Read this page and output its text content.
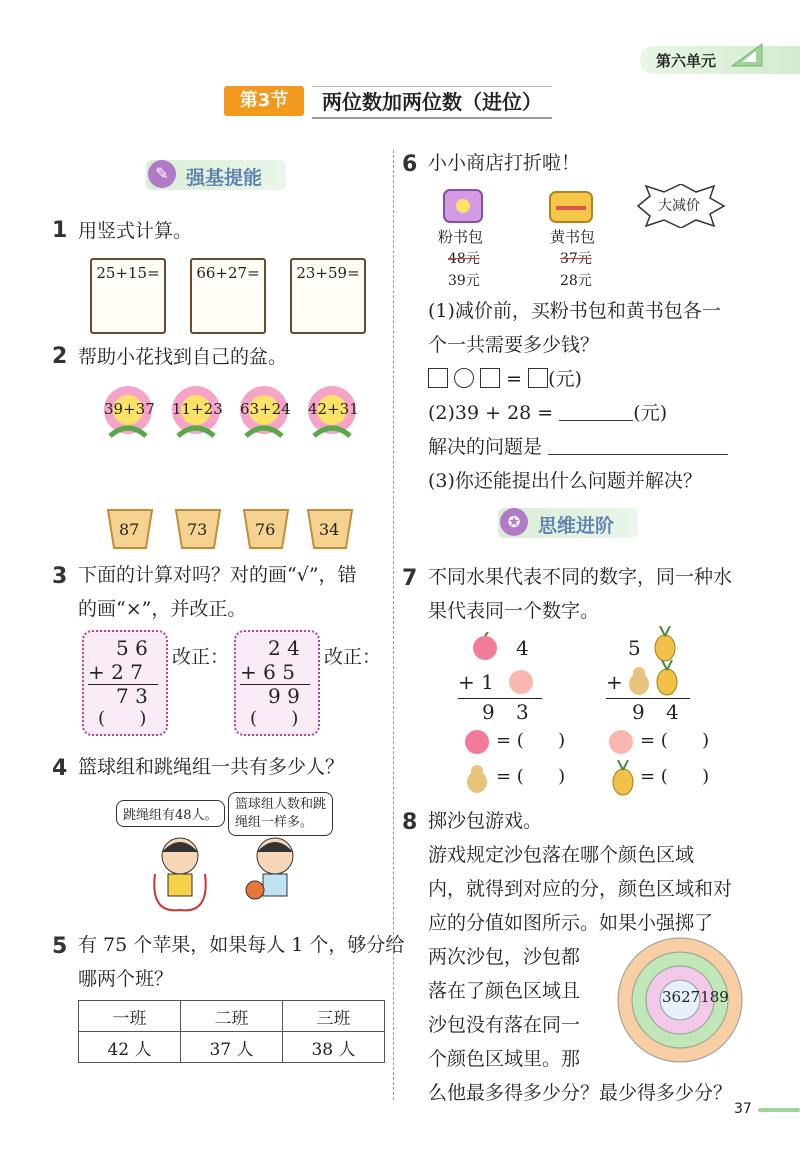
第六单元
第3节	两位数加两位数（进位）
✎ 强基提能
1 用竖式计算。
25+15= 66+27= 23+59=
2 帮助小花找到自己的盆。
39+37 11+23 63+24 42+31
87	73	76	34
3 下面的计算对吗？对的画“√”，错
的画“×”，并改正。
5 6
+ 2 7
7 3
(      )
改正： 2 4
+ 6 5
9 9
(      )
改正：
4 篮球组和跳绳组一共有多少人？
跳绳组有48人。
篮球组人数和跳
绳组一样多。
5 有 75 个苹果，如果每人 1 个，够分给
哪两个班？
一班	二班	三班
42 人	37 人	38 人
6 小小商店打折啦！
大减价
粉书包
48元
39元
黄书包
37元
28元
(1)减价前，买粉书包和黄书包各一
个一共需要多少钱？
= (元)
(2)39 + 28 =	(元)
解决的问题是
(3)你还能提出什么问题并解决？
✪ 思维进阶
7 不同水果代表不同的数字，同一种水
果代表同一个数字。
4
+ 1
9 3
5
+
9 4
= (      )	= (      )
= (      )	= (      )
8 掷沙包游戏。
游戏规定沙包落在哪个颜色区域
内，就得到对应的分，颜色区域和对
应的分值如图所示。如果小强掷了
两次沙包，沙包都
落在了颜色区域且
沙包没有落在同一
个颜色区域里。那
么他最多得多少分？最少得多少分？
3627189
37
